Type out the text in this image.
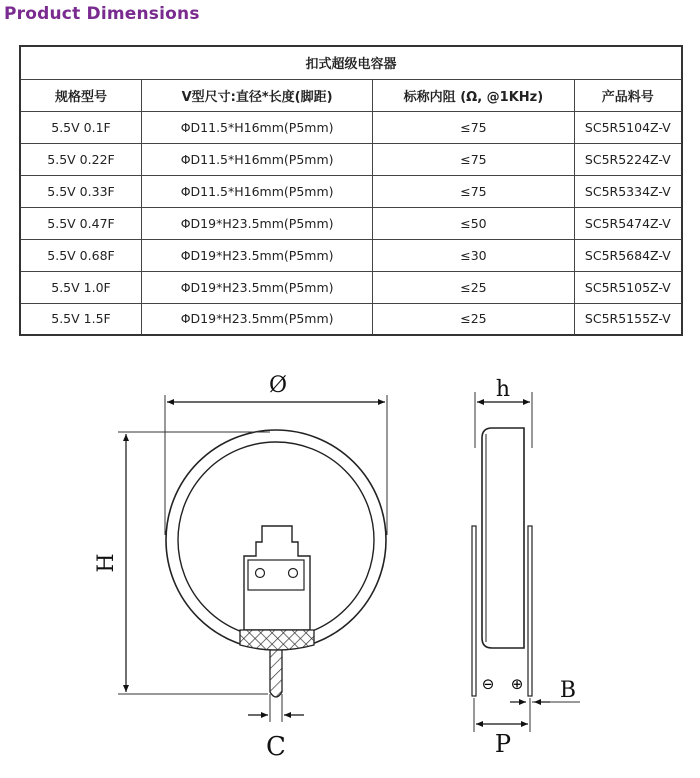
Product Dimensions
扣式超级电容器			
规格型号	V型尺寸:直径*长度(脚距)	标称内阻 (Ω, @1KHz)	产品料号
5.5V 0.1F	ΦD11.5*H16mm(P5mm)	≤75	SC5R5104Z-V
5.5V 0.22F	ΦD11.5*H16mm(P5mm)	≤75	SC5R5224Z-V
5.5V 0.33F	ΦD11.5*H16mm(P5mm)	≤75	SC5R5334Z-V
5.5V 0.47F	ΦD19*H23.5mm(P5mm)	≤50	SC5R5474Z-V
5.5V 0.68F	ΦD19*H23.5mm(P5mm)	≤30	SC5R5684Z-V
5.5V 1.0F	ΦD19*H23.5mm(P5mm)	≤25	SC5R5105Z-V
5.5V 1.5F	ΦD19*H23.5mm(P5mm)	≤25	SC5R5155Z-V
Ø
H
C
h
⊖ ⊕ B
P
